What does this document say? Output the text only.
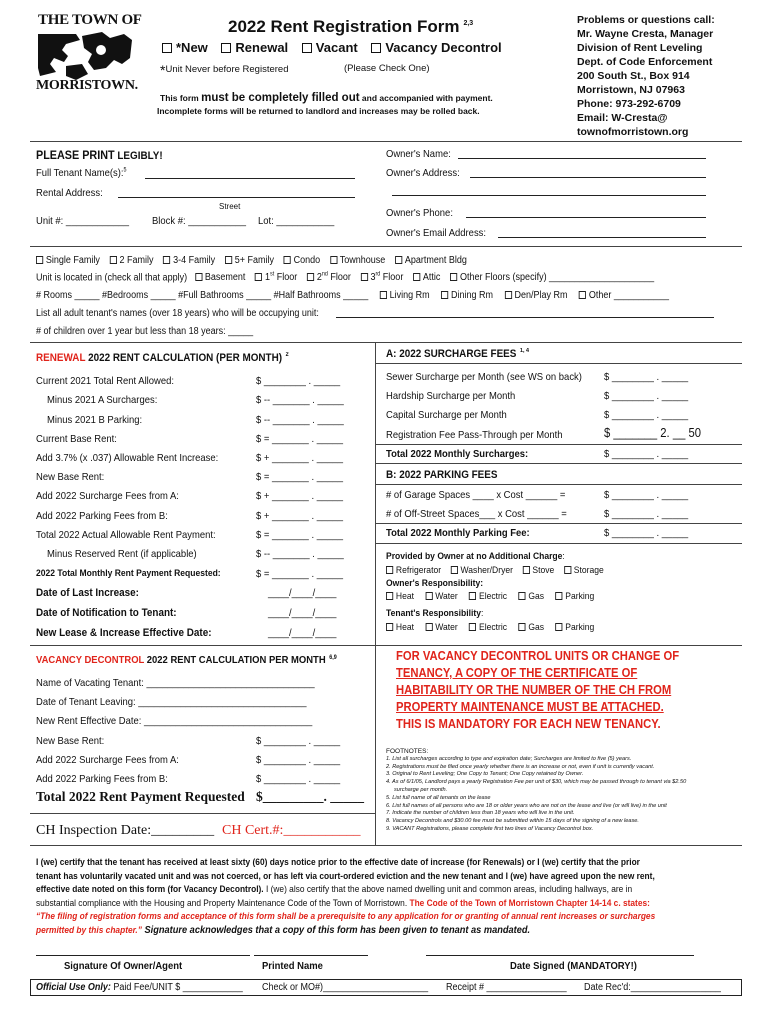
THE TOWN OF
MORRISTOWN.
2022 Rent Registration Form $^{2,3}$
*New Renewal Vacant Vacancy Decontrol
*Unit Never before Registered	(Please Check One)
This form must be completely filled out and accompanied with payment.
Incomplete forms will be returned to landlord and increases may be rolled back.
Problems or questions call:
Mr. Wayne Cresta, Manager
Division of Rent Leveling
Dept. of Code Enforcement
200 South St., Box 914
Morristown, NJ 07963
Phone: 973-292-6709
Email: W-Cresta@
townofmorristown.org
PLEASE PRINT LEGIBLY!
Full Tenant Name(s):$^5$
Rental Address:
Street
Unit #: ____________ Block #: ___________ Lot: ___________
Owner's Name:
Owner's Address:
Owner's Phone:
Owner's Email Address:
Single Family 2 Family 3-4 Family 5+ Family Condo Townhouse Apartment Bldg
Unit is located in (check all that apply) Basement 1st Floor 2nd Floor 3rd Floor Attic Other Floors (specify) _____________________
# Rooms _____ #Bedrooms _____ #Full Bathrooms _____ #Half Bathrooms _____ Living Rm Dining Rm Den/Play Rm Other ___________
List all adult tenant's names (over 18 years) who will be occupying unit:
# of children over 1 year but less than 18 years: _____
RENEWAL 2022 RENT CALCULATION (PER MONTH) $^2$
Current 2021 Total Rent Allowed:	$ ________ . _____
Minus 2021 A Surcharges:	$ -- _______ . _____
Minus 2021 B Parking:	$ -- _______ . _____
Current Base Rent:	$ = _______ . _____
Add 3.7% (x .037) Allowable Rent Increase:	$ + _______ . _____
New Base Rent:	$ = _______ . _____
Add 2022 Surcharge Fees from A:	$ + _______ . _____
Add 2022 Parking Fees from B:	$ + _______ . _____
Total 2022 Actual Allowable Rent Payment:	$ = _______ . _____
Minus Reserved Rent (if applicable)	$ -- _______ . _____
2022 Total Monthly Rent Payment Requested:	$ = _______ . _____
Date of Last Increase:	____/____/____
Date of Notification to Tenant:	____/____/____
New Lease & Increase Effective Date:	____/____/____
A: 2022 SURCHARGE FEES $^{1, 4}$
Sewer Surcharge per Month (see WS on back) $ ________ . _____
Hardship Surcharge per Month	$ ________ . _____
Capital Surcharge per Month	$ ________ . _____
Registration Fee Pass-Through per Month	$ _______ 2. __ 50
Total 2022 Monthly Surcharges:	$ ________ . _____
B: 2022 PARKING FEES
# of Garage Spaces ____ x Cost ______ =	$ ________ . _____
# of Off-Street Spaces___ x Cost ______ =	$ ________ . _____
Total 2022 Monthly Parking Fee:	$ ________ . _____
Provided by Owner at no Additional Charge:
Refrigerator Washer/Dryer Stove Storage
Owner's Responsibility:
Heat Water Electric Gas Parking
Tenant's Responsibility:
Heat Water Electric Gas Parking
VACANCY DECONTROL 2022 RENT CALCULATION PER MONTH $^{6,9}$
Name of Vacating Tenant: ________________________________
Date of Tenant Leaving: ________________________________
New Rent Effective Date: ________________________________
New Base Rent:	$ ________ . _____
Add 2022 Surcharge Fees from A:	$ ________ . _____
Add 2022 Parking Fees from B:	$ ________ . _____
Total 2022 Rent Payment Requested $_________. _____
CH Inspection Date:_________ CH Cert.#:___________
FOR VACANCY DECONTROL UNITS OR CHANGE OF
TENANCY, A COPY OF THE CERTIFICATE OF
HABITABILITY OR THE NUMBER OF THE CH FROM
PROPERTY MAINTENANCE MUST BE ATTACHED.
THIS IS MANDATORY FOR EACH NEW TENANCY.
FOOTNOTES:
1. List all surcharges according to type and expiration date; Surcharges are limited to five (5) years.
2. Registrations must be filed once yearly whether there is an increase or not, even if unit is currently vacant.
3. Original to Rent Leveling; One Copy to Tenant; One Copy retained by Owner.
4. As of 6/1/05, Landlord pays a yearly Registration Fee per unit of $30, which may be passed through to tenant via $2.50
surcharge per month.
5. List full name of all tenants on the lease
6. List full names of all persons who are 18 or older years who are not on the lease and live (or will live) in the unit
7. Indicate the number of children less than 18 years who will live in the unit.
8. Vacancy Decontrols and $30.00 fee must be submitted within 15 days of the signing of a new lease.
9. VACANT Registrations, please complete first two lines of Vacancy Decontrol box.
I (we) certify that the tenant has received at least sixty (60) days notice prior to the effective date of increase (for Renewals) or I (we) certify that the prior
tenant has voluntarily vacated unit and was not coerced, or has left via court-ordered eviction and the new tenant and I (we) have agreed upon the new rent,
effective date noted on this form (for Vacancy Decontrol). I (we) also certify that the above named dwelling unit and common areas, including hallways, are in
substantial compliance with the Housing and Property Maintenance Code of the Town of Morristown. The Code of the Town of Morristown Chapter 14-14 c. states:
“The filing of registration forms and acceptance of this form shall be a prerequisite to any application for or granting of annual rent increases or surcharges
permitted by this chapter.” Signature acknowledges that a copy of this form has been given to tenant as mandated.
Signature Of Owner/Agent	Printed Name	Date Signed (MANDATORY!)
Official Use Only: Paid Fee/UNIT $ ____________ Check or MO#)_____________________ Receipt # ________________ Date Rec'd:__________________
